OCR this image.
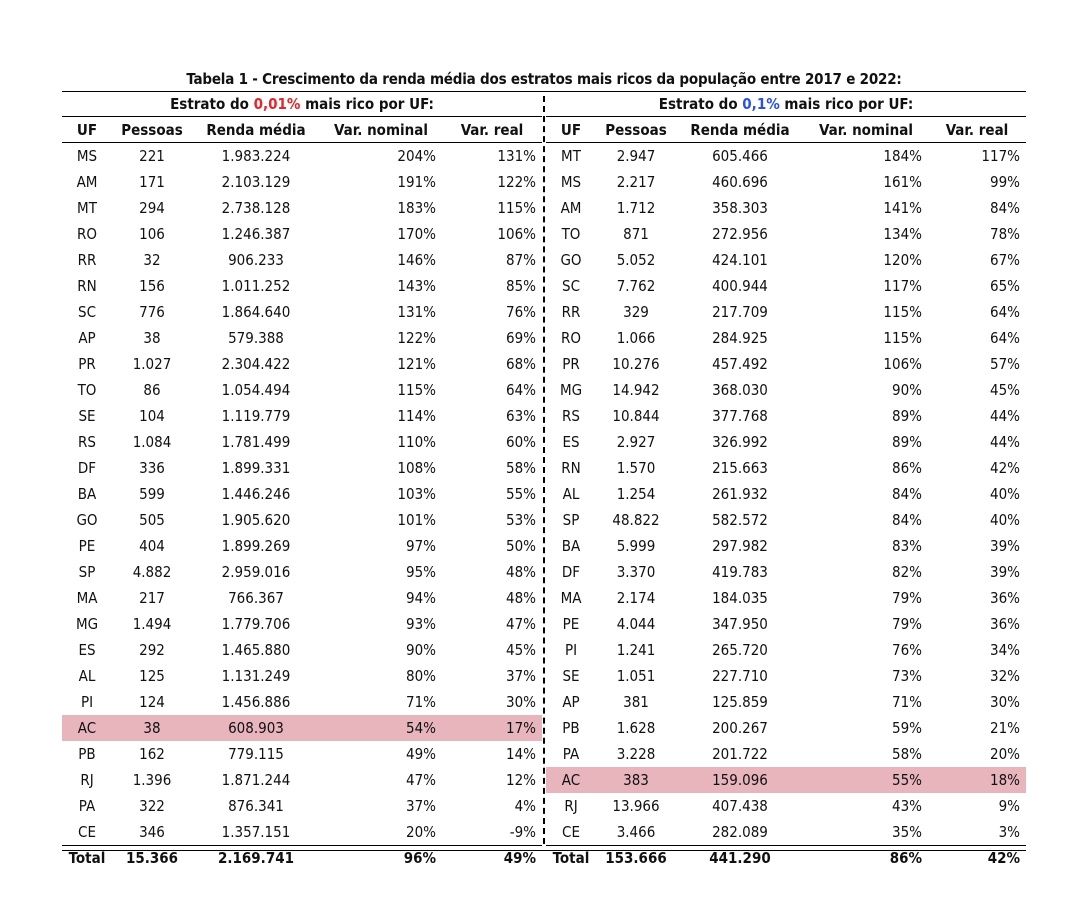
Tabela 1 - Crescimento da renda média dos estratos mais ricos da população entre 2017 e 2022:
Estrato do 0,01% mais rico por UF:
UF	Pessoas	Renda média	Var. nominal	Var. real
MS	221	1.983.224	204%	131%
AM	171	2.103.129	191%	122%
MT	294	2.738.128	183%	115%
RO	106	1.246.387	170%	106%
RR	32	906.233	146%	87%
RN	156	1.011.252	143%	85%
SC	776	1.864.640	131%	76%
AP	38	579.388	122%	69%
PR	1.027	2.304.422	121%	68%
TO	86	1.054.494	115%	64%
SE	104	1.119.779	114%	63%
RS	1.084	1.781.499	110%	60%
DF	336	1.899.331	108%	58%
BA	599	1.446.246	103%	55%
GO	505	1.905.620	101%	53%
PE	404	1.899.269	97%	50%
SP	4.882	2.959.016	95%	48%
MA	217	766.367	94%	48%
MG	1.494	1.779.706	93%	47%
ES	292	1.465.880	90%	45%
AL	125	1.131.249	80%	37%
PI	124	1.456.886	71%	30%
AC	38	608.903	54%	17%
PB	162	779.115	49%	14%
RJ	1.396	1.871.244	47%	12%
PA	322	876.341	37%	4%
CE	346	1.357.151	20%	-9%
Total	15.366	2.169.741	96%	49%
Estrato do 0,1% mais rico por UF:
UF	Pessoas	Renda média	Var. nominal	Var. real
MT	2.947	605.466	184%	117%
MS	2.217	460.696	161%	99%
AM	1.712	358.303	141%	84%
TO	871	272.956	134%	78%
GO	5.052	424.101	120%	67%
SC	7.762	400.944	117%	65%
RR	329	217.709	115%	64%
RO	1.066	284.925	115%	64%
PR	10.276	457.492	106%	57%
MG	14.942	368.030	90%	45%
RS	10.844	377.768	89%	44%
ES	2.927	326.992	89%	44%
RN	1.570	215.663	86%	42%
AL	1.254	261.932	84%	40%
SP	48.822	582.572	84%	40%
BA	5.999	297.982	83%	39%
DF	3.370	419.783	82%	39%
MA	2.174	184.035	79%	36%
PE	4.044	347.950	79%	36%
PI	1.241	265.720	76%	34%
SE	1.051	227.710	73%	32%
AP	381	125.859	71%	30%
PB	1.628	200.267	59%	21%
PA	3.228	201.722	58%	20%
AC	383	159.096	55%	18%
RJ	13.966	407.438	43%	9%
CE	3.466	282.089	35%	3%
Total	153.666	441.290	86%	42%
